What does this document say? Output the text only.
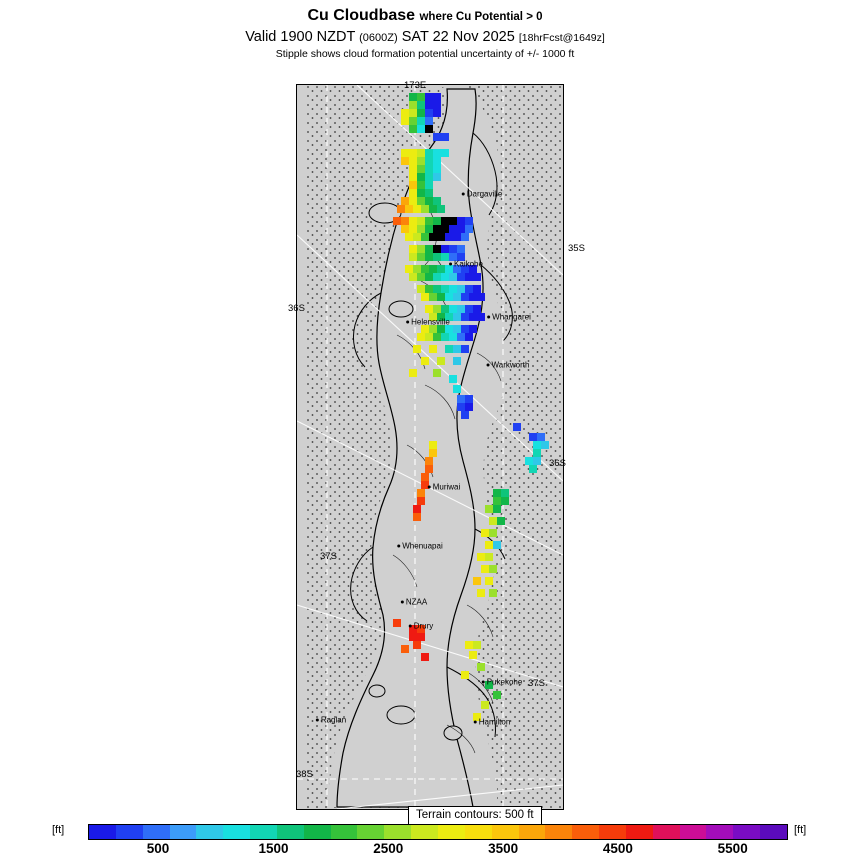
Cu Cloudbase where Cu Potential > 0
Valid 1900 NZDT (0600Z) SAT 22 Nov 2025 [18hrFcst@1649z]
Stipple shows cloud formation potential uncertainty of +/- 1000 ft
173E
35S
36S
36S
37S
37S
38S
Dargaville
Kaikohe
Whangarei
Helensville
Warkworth
Muriwai
Whenuapai
NZAA
Drury
Pukekohe
Raglan	Hamilton
Terrain contours: 500 ft
[ft]	[ft]
500	1500	2500	3500	4500	5500
